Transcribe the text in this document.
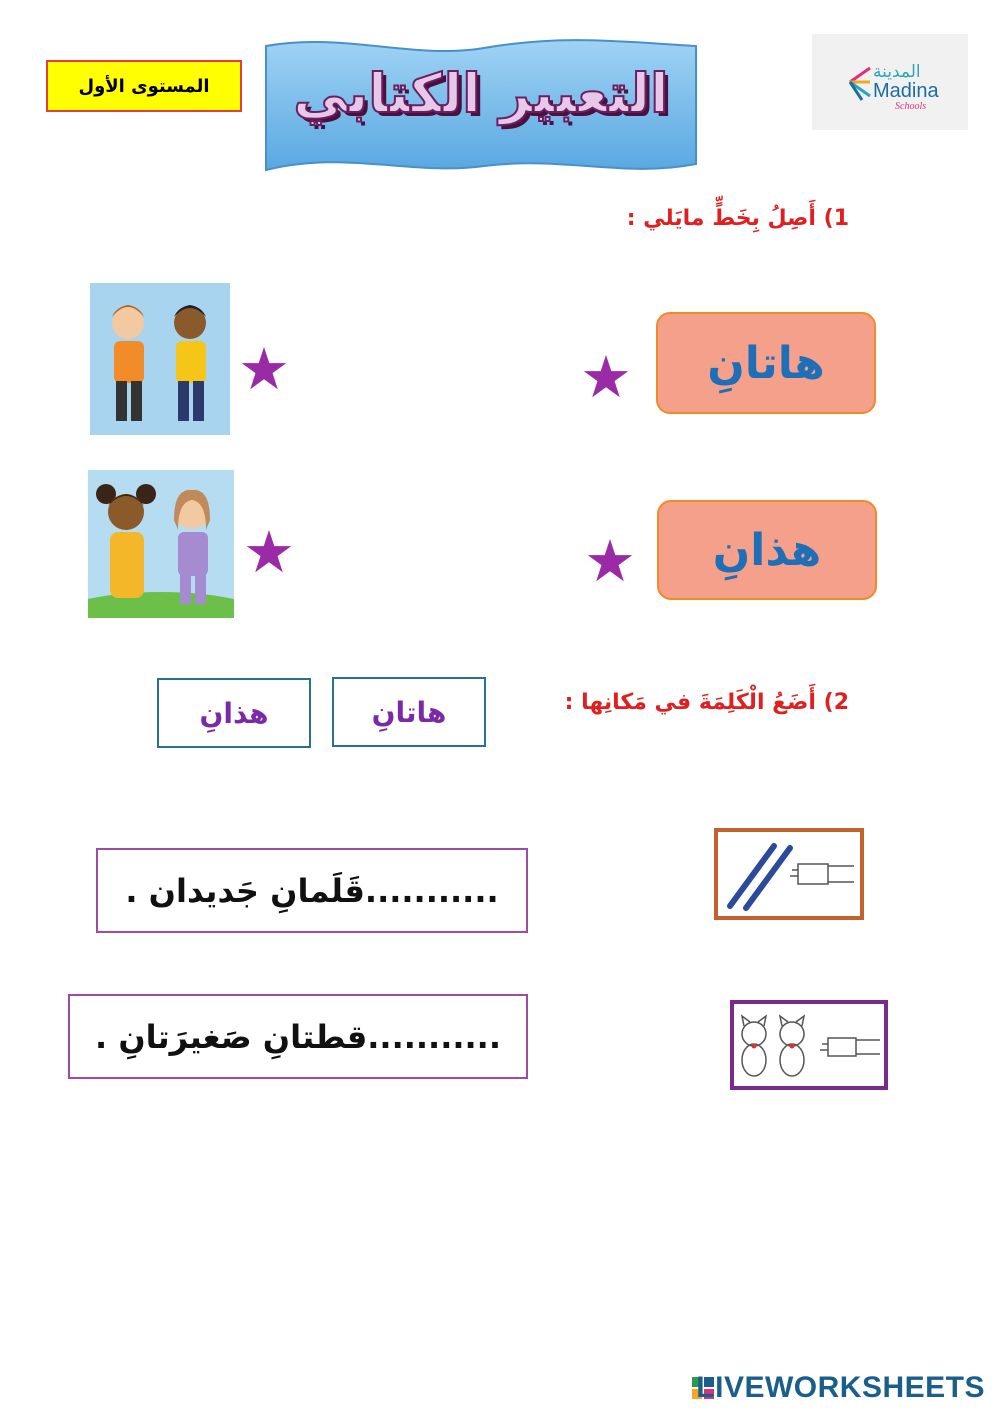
المستوى الأول	التعبير الكتابي	المدينة
Madina
Schools
1) أَصِلُ بِخَطٍّ مايَلي :
هاتانِ
★
★
هذانِ
★
★
2) أَضَعُ الْكَلِمَةَ في مَكانِها :
هاتانِ
هذانِ
...........قَلَمانِ جَديدان .
...........قطتانِ صَغيرَتانِ .
LIVEWORKSHEETS
